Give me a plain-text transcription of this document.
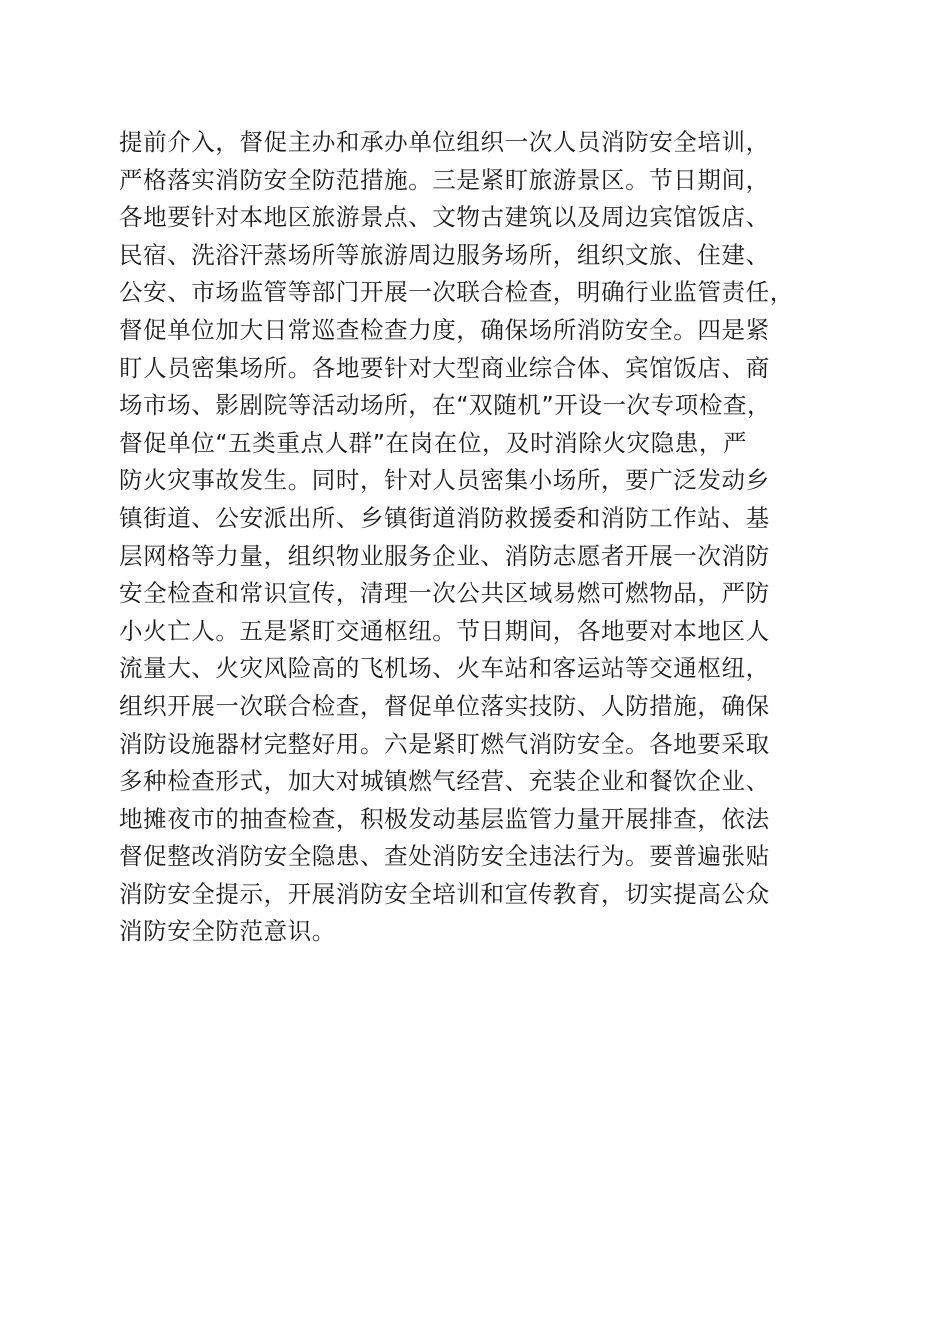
提前介入，督促主办和承办单位组织一次人员消防安全培训，
严格落实消防安全防范措施。三是紧盯旅游景区。节日期间，
各地要针对本地区旅游景点、文物古建筑以及周边宾馆饭店、
民宿、洗浴汗蒸场所等旅游周边服务场所，组织文旅、住建、
公安、市场监管等部门开展一次联合检查，明确行业监管责任，
督促单位加大日常巡查检查力度，确保场所消防安全。四是紧
盯人员密集场所。各地要针对大型商业综合体、宾馆饭店、商
场市场、影剧院等活动场所，在“双随机”开设一次专项检查，
督促单位“五类重点人群”在岗在位，及时消除火灾隐患，严
防火灾事故发生。同时，针对人员密集小场所，要广泛发动乡
镇街道、公安派出所、乡镇街道消防救援委和消防工作站、基
层网格等力量，组织物业服务企业、消防志愿者开展一次消防
安全检查和常识宣传，清理一次公共区域易燃可燃物品，严防
小火亡人。五是紧盯交通枢纽。节日期间，各地要对本地区人
流量大、火灾风险高的飞机场、火车站和客运站等交通枢纽，
组织开展一次联合检查，督促单位落实技防、人防措施，确保
消防设施器材完整好用。六是紧盯燃气消防安全。各地要采取
多种检查形式，加大对城镇燃气经营、充装企业和餐饮企业、
地摊夜市的抽查检查，积极发动基层监管力量开展排查，依法
督促整改消防安全隐患、查处消防安全违法行为。要普遍张贴
消防安全提示，开展消防安全培训和宣传教育，切实提高公众
消防安全防范意识。
